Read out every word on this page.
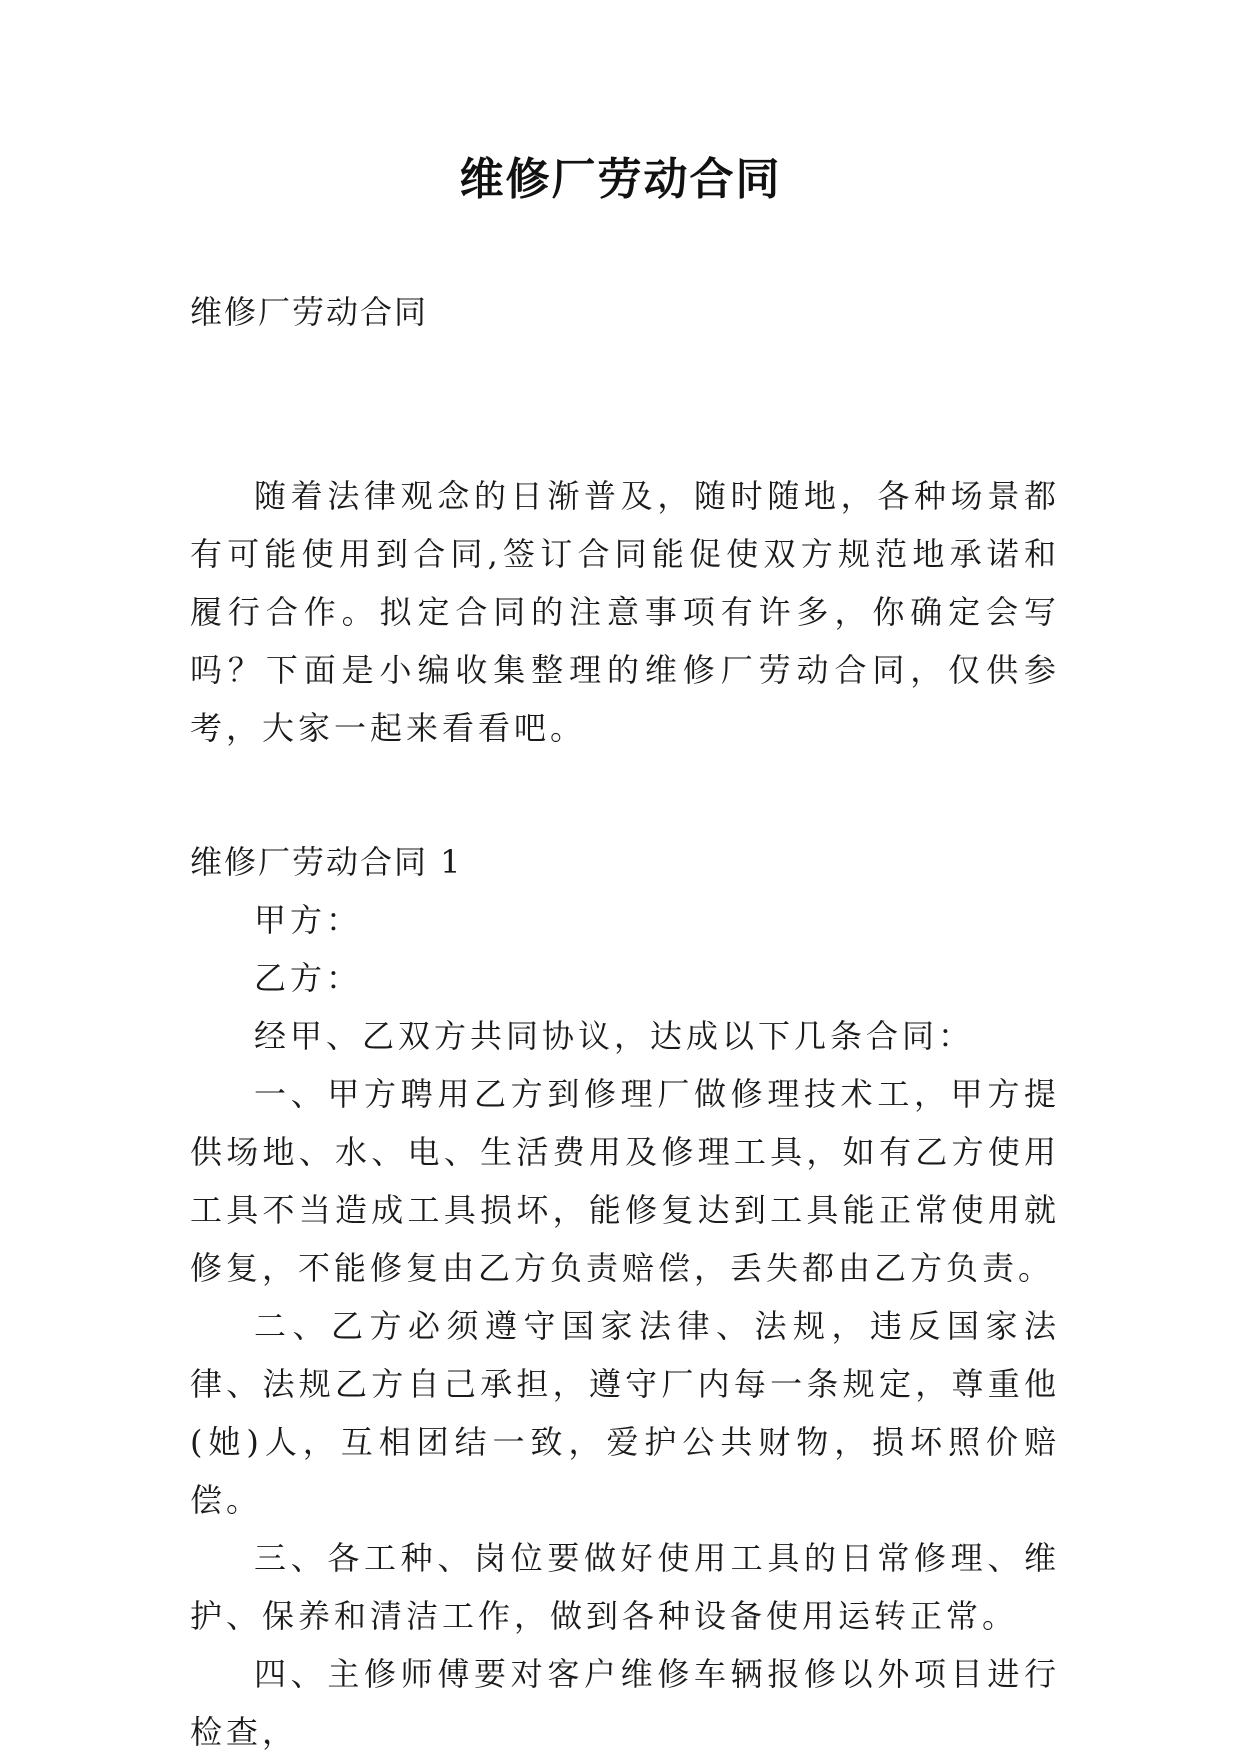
维修厂劳动合同
维修厂劳动合同

随着法律观念的日渐普及，随时随地，各种场景都有可能使用到合同,签订合同能促使双方规范地承诺和履行合作。拟定合同的注意事项有许多，你确定会写吗？下面是小编收集整理的维修厂劳动合同，仅供参考，大家一起来看看吧。

维修厂劳动合同 1

甲方：

乙方：

经甲、乙双方共同协议，达成以下几条合同：

一、甲方聘用乙方到修理厂做修理技术工，甲方提供场地、水、电、生活费用及修理工具，如有乙方使用工具不当造成工具损坏，能修复达到工具能正常使用就修复，不能修复由乙方负责赔偿，丢失都由乙方负责。

二、乙方必须遵守国家法律、法规，违反国家法律、法规乙方自己承担，遵守厂内每一条规定，尊重他(她)人，互相团结一致，爱护公共财物，损坏照价赔偿。

三、各工种、岗位要做好使用工具的日常修理、维护、保养和清洁工作，做到各种设备使用运转正常。

四、主修师傅要对客户维修车辆报修以外项目进行检查，
